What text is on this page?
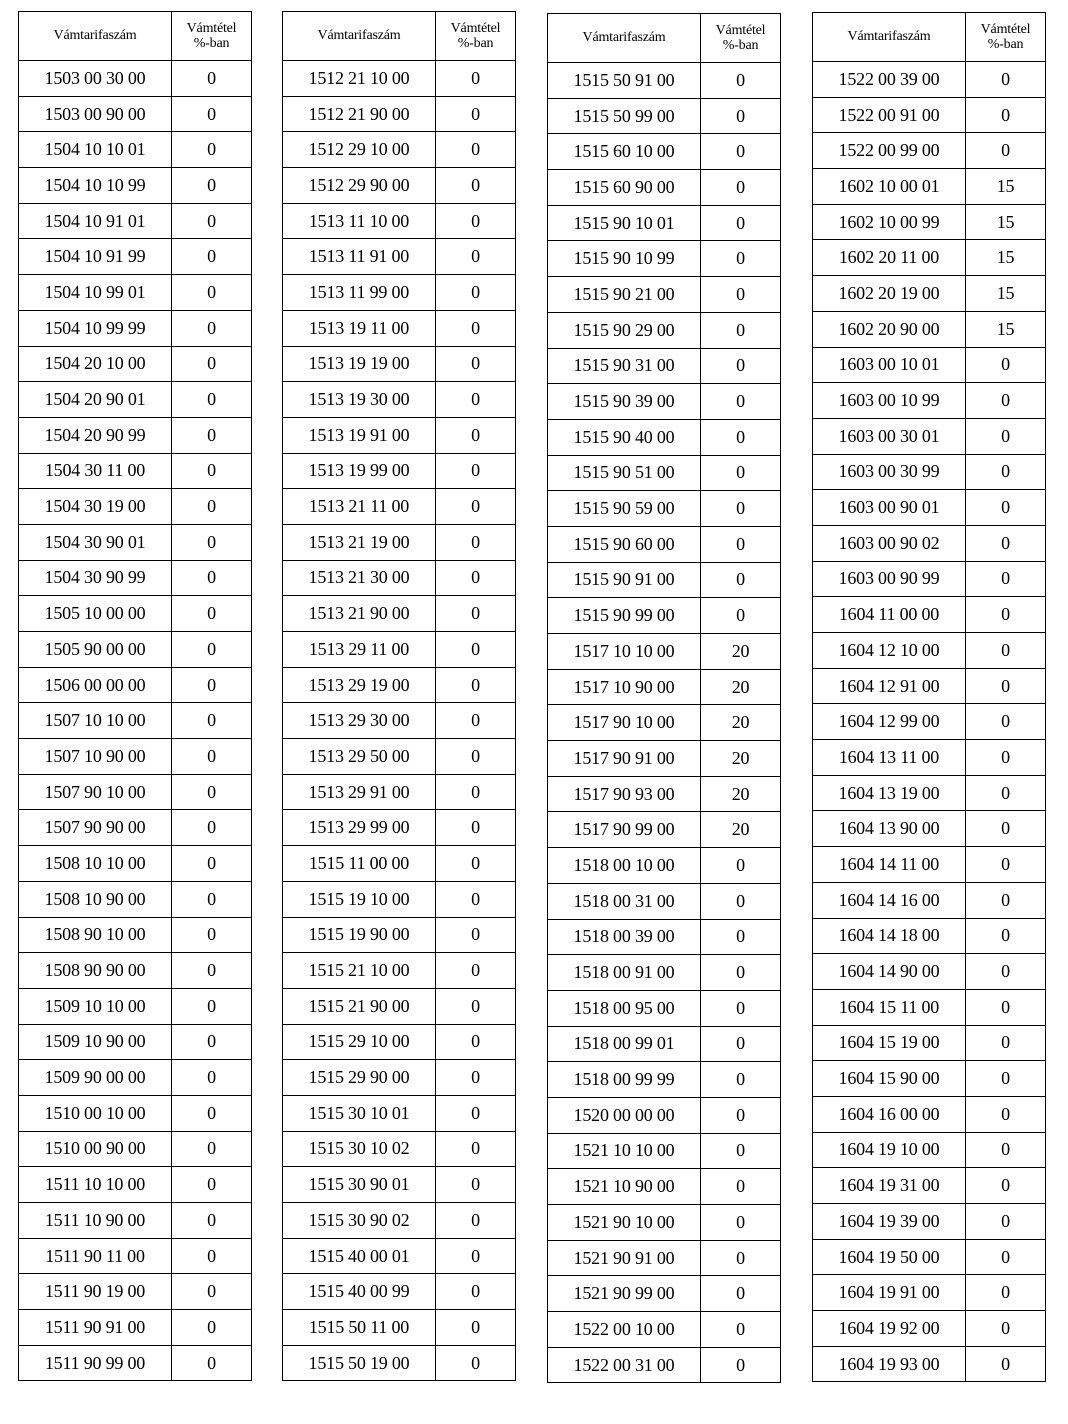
Vámtarifaszám	Vámtétel
%-ban

1503 00 30 00	0
1503 00 90 00	0
1504 10 10 01	0
1504 10 10 99	0
1504 10 91 01	0
1504 10 91 99	0
1504 10 99 01	0
1504 10 99 99	0
1504 20 10 00	0
1504 20 90 01	0
1504 20 90 99	0
1504 30 11 00	0
1504 30 19 00	0
1504 30 90 01	0
1504 30 90 99	0
1505 10 00 00	0
1505 90 00 00	0
1506 00 00 00	0
1507 10 10 00	0
1507 10 90 00	0
1507 90 10 00	0
1507 90 90 00	0
1508 10 10 00	0
1508 10 90 00	0
1508 90 10 00	0
1508 90 90 00	0
1509 10 10 00	0
1509 10 90 00	0
1509 90 00 00	0
1510 00 10 00	0
1510 00 90 00	0
1511 10 10 00	0
1511 10 90 00	0
1511 90 11 00	0
1511 90 19 00	0
1511 90 91 00	0
1511 90 99 00	0
Vámtarifaszám	Vámtétel
%-ban

1512 21 10 00	0
1512 21 90 00	0
1512 29 10 00	0
1512 29 90 00	0
1513 11 10 00	0
1513 11 91 00	0
1513 11 99 00	0
1513 19 11 00	0
1513 19 19 00	0
1513 19 30 00	0
1513 19 91 00	0
1513 19 99 00	0
1513 21 11 00	0
1513 21 19 00	0
1513 21 30 00	0
1513 21 90 00	0
1513 29 11 00	0
1513 29 19 00	0
1513 29 30 00	0
1513 29 50 00	0
1513 29 91 00	0
1513 29 99 00	0
1515 11 00 00	0
1515 19 10 00	0
1515 19 90 00	0
1515 21 10 00	0
1515 21 90 00	0
1515 29 10 00	0
1515 29 90 00	0
1515 30 10 01	0
1515 30 10 02	0
1515 30 90 01	0
1515 30 90 02	0
1515 40 00 01	0
1515 40 00 99	0
1515 50 11 00	0
1515 50 19 00	0
Vámtarifaszám	Vámtétel
%-ban

1515 50 91 00	0
1515 50 99 00	0
1515 60 10 00	0
1515 60 90 00	0
1515 90 10 01	0
1515 90 10 99	0
1515 90 21 00	0
1515 90 29 00	0
1515 90 31 00	0
1515 90 39 00	0
1515 90 40 00	0
1515 90 51 00	0
1515 90 59 00	0
1515 90 60 00	0
1515 90 91 00	0
1515 90 99 00	0
1517 10 10 00	20
1517 10 90 00	20
1517 90 10 00	20
1517 90 91 00	20
1517 90 93 00	20
1517 90 99 00	20
1518 00 10 00	0
1518 00 31 00	0
1518 00 39 00	0
1518 00 91 00	0
1518 00 95 00	0
1518 00 99 01	0
1518 00 99 99	0
1520 00 00 00	0
1521 10 10 00	0
1521 10 90 00	0
1521 90 10 00	0
1521 90 91 00	0
1521 90 99 00	0
1522 00 10 00	0
1522 00 31 00	0
Vámtarifaszám	Vámtétel
%-ban

1522 00 39 00	0
1522 00 91 00	0
1522 00 99 00	0
1602 10 00 01	15
1602 10 00 99	15
1602 20 11 00	15
1602 20 19 00	15
1602 20 90 00	15
1603 00 10 01	0
1603 00 10 99	0
1603 00 30 01	0
1603 00 30 99	0
1603 00 90 01	0
1603 00 90 02	0
1603 00 90 99	0
1604 11 00 00	0
1604 12 10 00	0
1604 12 91 00	0
1604 12 99 00	0
1604 13 11 00	0
1604 13 19 00	0
1604 13 90 00	0
1604 14 11 00	0
1604 14 16 00	0
1604 14 18 00	0
1604 14 90 00	0
1604 15 11 00	0
1604 15 19 00	0
1604 15 90 00	0
1604 16 00 00	0
1604 19 10 00	0
1604 19 31 00	0
1604 19 39 00	0
1604 19 50 00	0
1604 19 91 00	0
1604 19 92 00	0
1604 19 93 00	0
